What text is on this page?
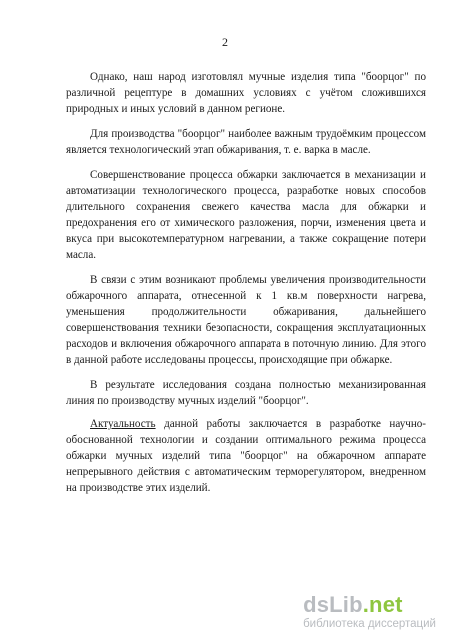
2

Однако, наш народ изготовлял мучные изделия типа "боорцог" по различной рецептуре в домашних условиях с учётом сложившихся природных и иных условий в данном регионе.

Для производства "боорцог" наиболее важным трудоёмким процессом является технологический этап обжаривания, т. е. варка в масле.

Совершенствование процесса обжарки заключается в механизации и автоматизации технологического процесса, разработке новых способов длительного сохранения свежего качества масла для обжарки и предохранения его от химического разложения, порчи, изменения цвета и вкуса при высокотемпературном нагревании, а также сокращение потери масла.

В связи с этим возникают проблемы увеличения производительности обжарочного аппарата, отнесенной к 1 кв.м поверхности нагрева, уменьшения продолжительности обжаривания, дальнейшего совершенствования техники безопасности, сокращения эксплуатационных расходов и включения обжарочного аппарата в поточную линию. Для этого в данной работе исследованы процессы, происходящие при обжарке.

В результате исследования создана полностью механизированная линия по производству мучных изделий "боорцог".

Актуальность данной работы заключается в разработке научно-обоснованной технологии и создании оптимального режима процесса обжарки мучных изделий типа "боорцог" на обжарочном аппарате непрерывного действия с автоматическим терморегулятором, внедренном на производстве этих изделий.

dsLib.net
библиотека диссертаций
